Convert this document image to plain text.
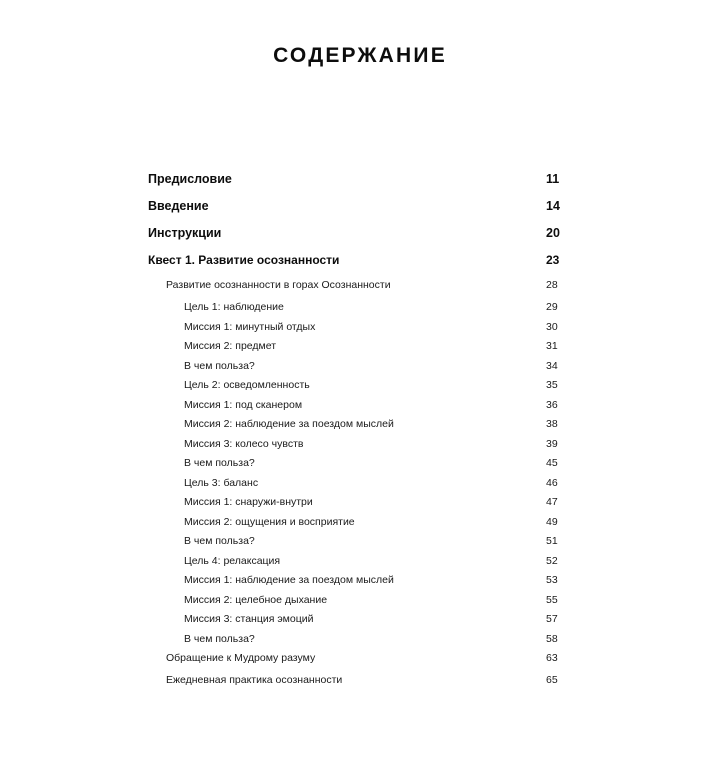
СОДЕРЖАНИЕ
Предисловие	11
Введение	14
Инструкции	20
Квест 1. Развитие осознанности	23
Развитие осознанности в горах Осознанности	28
Цель 1: наблюдение	29
Миссия 1: минутный отдых	30
Миссия 2: предмет	31
В чем польза?	34
Цель 2: осведомленность	35
Миссия 1: под сканером	36
Миссия 2: наблюдение за поездом мыслей	38
Миссия 3: колесо чувств	39
В чем польза?	45
Цель 3: баланс	46
Миссия 1: снаружи-внутри	47
Миссия 2: ощущения и восприятие	49
В чем польза?	51
Цель 4: релаксация	52
Миссия 1: наблюдение за поездом мыслей	53
Миссия 2: целебное дыхание	55
Миссия 3: станция эмоций	57
В чем польза?	58
Обращение к Мудрому разуму	63
Ежедневная практика осознанности	65
